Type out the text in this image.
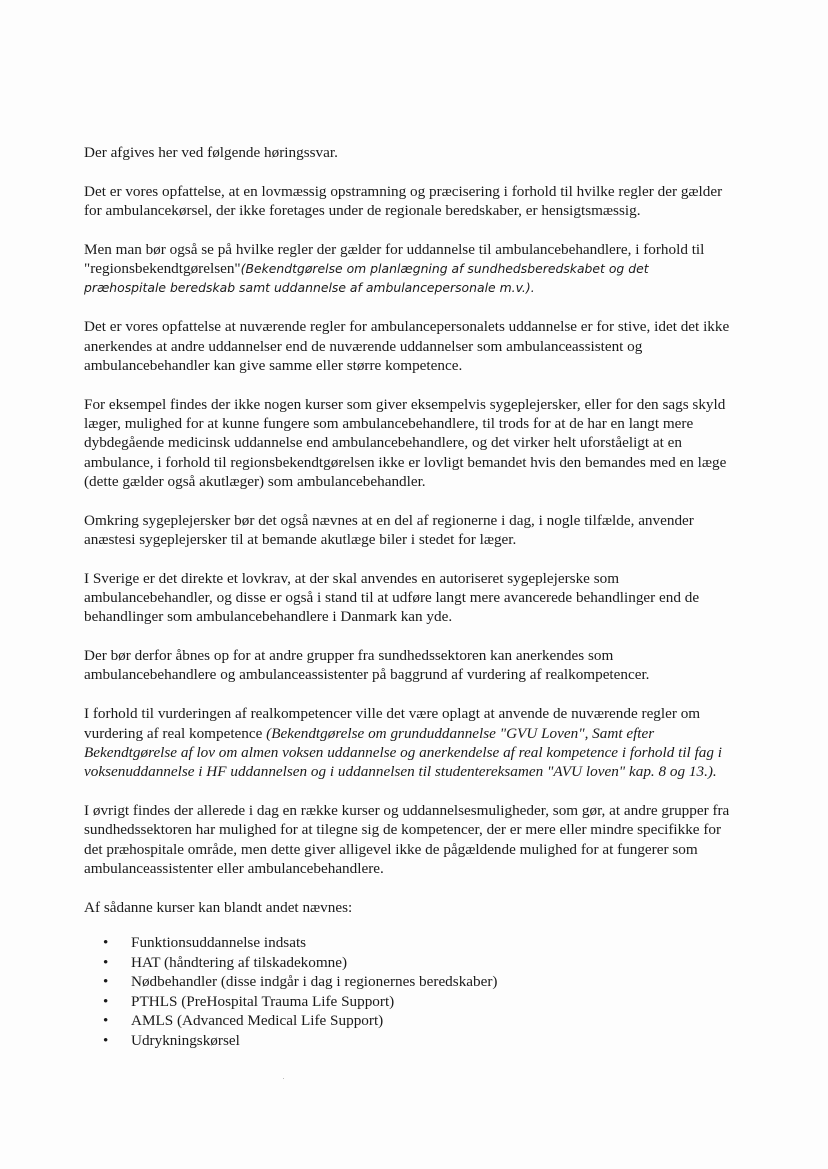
Der afgives her ved følgende høringssvar.

Det er vores opfattelse, at en lovmæssig opstramning og præcisering i forhold til hvilke regler der gælder for ambulancekørsel, der ikke foretages under de regionale beredskaber, er hensigtsmæssig.

Men man bør også se på hvilke regler der gælder for uddannelse til ambulancebehandlere, i forhold til "regionsbekendtgørelsen"(Bekendtgørelse om planlægning af sundhedsberedskabet og det præhospitale beredskab samt uddannelse af ambulancepersonale m.v.).

Det er vores opfattelse at nuværende regler for ambulancepersonalets uddannelse er for stive, idet det ikke anerkendes at andre uddannelser end de nuværende uddannelser som ambulanceassistent og ambulancebehandler kan give samme eller større kompetence.

For eksempel findes der ikke nogen kurser som giver eksempelvis sygeplejersker, eller for den sags skyld læger, mulighed for at kunne fungere som ambulancebehandlere, til trods for at de har en langt mere dybdegående medicinsk uddannelse end ambulancebehandlere, og det virker helt uforståeligt at en ambulance, i forhold til regionsbekendtgørelsen ikke er lovligt bemandet hvis den bemandes med en læge (dette gælder også akutlæger) som ambulancebehandler.

Omkring sygeplejersker bør det også nævnes at en del af regionerne i dag, i nogle tilfælde, anvender anæstesi sygeplejersker til at bemande akutlæge biler i stedet for læger.

I Sverige er det direkte et lovkrav, at der skal anvendes en autoriseret sygeplejerske som ambulancebehandler, og disse er også i stand til at udføre langt mere avancerede behandlinger end de behandlinger som ambulancebehandlere i Danmark kan yde.

Der bør derfor åbnes op for at andre grupper fra sundhedssektoren kan anerkendes som ambulancebehandlere og ambulanceassistenter på baggrund af vurdering af realkompetencer.

I forhold til vurderingen af realkompetencer ville det være oplagt at anvende de nuværende regler om vurdering af real kompetence (Bekendtgørelse om grunduddannelse "GVU Loven", Samt efter Bekendtgørelse af lov om almen voksen uddannelse og anerkendelse af real kompetence i forhold til fag i voksenuddannelse i HF uddannelsen og i uddannelsen til studentereksamen "AVU loven" kap. 8 og 13.).

I øvrigt findes der allerede i dag en række kurser og uddannelsesmuligheder, som gør, at andre grupper fra sundhedssektoren har mulighed for at tilegne sig de kompetencer, der er mere eller mindre specifikke for det præhospitale område, men dette giver alligevel ikke de pågældende mulighed for at fungerer som ambulanceassistenter eller ambulancebehandlere.

Af sådanne kurser kan blandt andet nævnes:

• Funktionsuddannelse indsats
• HAT (håndtering af tilskadekomne)
• Nødbehandler (disse indgår i dag i regionernes beredskaber)
• PTHLS (PreHospital Trauma Life Support)
• AMLS (Advanced Medical Life Support)
• Udrykningskørsel
